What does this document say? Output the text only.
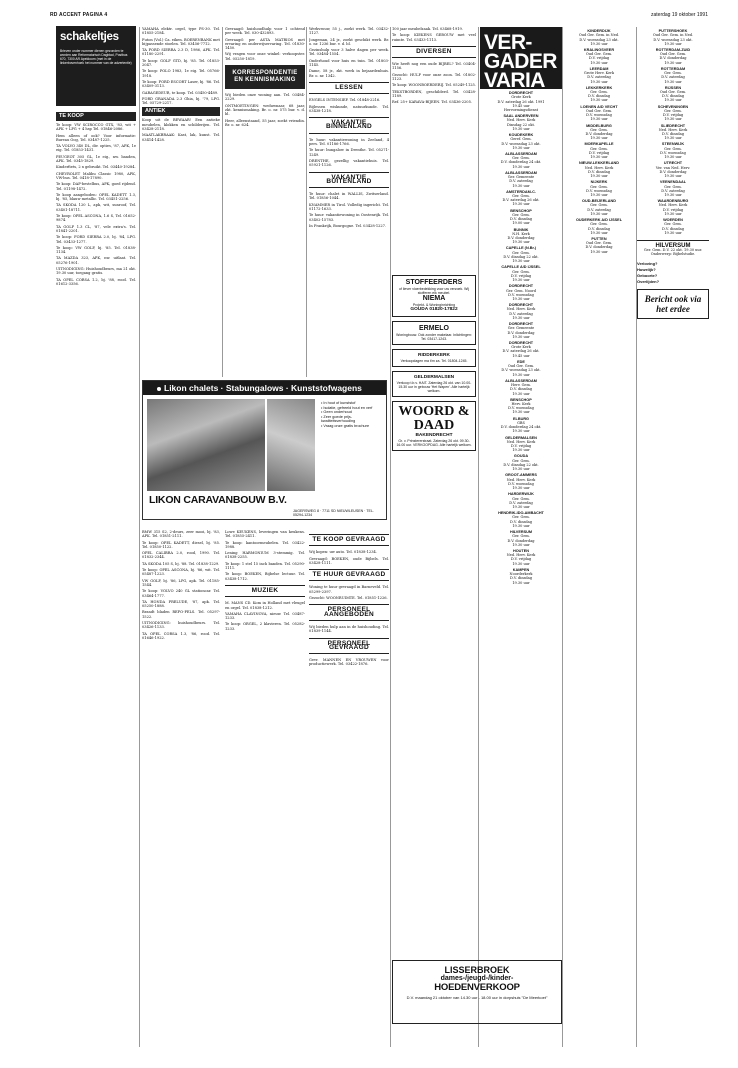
RD ACCENT PAGINA 4	zaterdag 19 oktober 1991
schakeltjes
Brieven onder nummer dienen gezonden te worden aan Reformatorisch Dagblad, Postbus 670, 7300 AR Apeldoorn (met in de linkerbovenhoek het nummer van de advertentie)
TE KOOP

Te koop: VW SCIROCCO GTX, '83, wit + APK + LPG + 4 hsp Tel. 01846-2086.

Hem alleen of ook? Voor informatie: Bureau Oog, Tel. 03487-1225.

TA VOLVO 340 DL, div. opties, '87, APK, 1e eig. Tel. 01853-1431.

PEUGEOT 305 GL, 1e eig., nw. banden, APK. Tel. 0345-1829.

Kinderfiets, 2 x gebruikt. Tel. 03440-19284.

CHEVROLET Malibu Classic 1980, APK, VW-bus. Tel. 0418-17890.

Te koop: DAF-bestelbus, APK, goed rijdend. Tel. 01198-1472.

Te koop aangeboden: OPEL KADETT 1.3, bj. '85, blauw metallic. Tel. 03451-2256.

TA SKODA 120 L, apk, wit, sunroof, Tel. 03401-18711.

Te koop: OPEL ASCONA, 1.6 S, Tel. 01652-9874.

TA GOLF 1.3 CL, '87, vele extra's. Tel. 01841-2201.

Te koop: FORD SIERRA 2.0, bj. '84, LPG. Tel. 03433-1277.

Te koop: VW GOLF, bj. '85. Tel. 01838-1134.

TA MAZDA 323, APK, nw. uitlaat. Tel. 05276-1901.

UITNODIGING: Huishoudbeurs, ma 21 okt. 19.30 uur, toegang gratis.

TA OPEL CORSA 1.2, bj. '88, rood. Tel. 01612-3356.

YAMAHA elektr. orgel, type PS-30. Tel. 01855-2184.

Futon (Vol.) Ca. eiken. BOERENBANK met bijpassende stoelen. Tel. 03456-7712.

TA FORD SIERRA 2.3 D, 1986, APK. Tel. 01180-2291.

Te koop: GOLF GTD, bj. '85. Tel. 01853-2047.

Te koop: POLO 1983, 1e eig. Tel. 05766-1918.

Te koop: FORD ESCORT Laser, bj. '86. Tel. 03409-3113.

GARAGEDEUR, te koop. Tel. 03450-4489.

FORD GRANADA 2.3 Ghia, bj. '79, LPG. Tel. 05729-2217.

ANTIEK

Koop uit de BEWAAR! Een antieke meubelen, klokken en schilderijen. Tel. 03428-2118.

MAATLAKBRAAK: Kast, lak, kunst. Tel. 03414-1428.

Gevraagd: huishoudhulp voor 1 ochtend per week. Tel. 030-432893.

Gevraagd: per ASTA MATRIOS met ervaring en onderwijservaring. Tel. 01830-1450.

Wij vragen voor onze winkel: verkoopster. Tel. 05250-1819.

KORRESPONDENTIE EN KENNISMAKING

Wij bieden onze woning aan. Tel. 03484-2229.

ONTMOETINGEN: weduwnaar, 68 jaar, zkt. kennismaking. Br. o. nr. 575 bur. v. d. bl.

Heer, alleenstaand, 55 jaar, zoekt vriendin. Br. o. nr. 624.

Werkvrouw, 55 j., zoekt werk. Tel. 03432-1127.

Jongeman, 24 jr., zoekt geschikt werk. Br. o. nr. 1236 bur. v. d. bl.

Gezinshulp voor 3 halve dagen per week. Tel. 03484-1554.

Onderhoud voor huis en tuin. Tel. 01803-1145.

Dame, 58 jr., zkt. werk in bejaardenhuis. Br. o. nr. 1342.

LESSEN

ENGELS INTENSIEF. Tel. 01848-2216.

Bijlessen wiskunde, natuurkunde. Tel. 03438-1218.

VAKANTIE BINNENLAND

Te huur: vakantiewoning in Zeeland, 4 pers. Tel. 01186-1766.

Te huur: bungalow in Drenthe. Tel. 05271-1249.

DRENTHE, gezellig vakantiehuis. Tel. 05921-1126.

VAKANTIE BUITENLAND

Te huur: chalet in WALLIS, Zwitserland. Tel. 01856-1044.

KNAMMER in Tirol. Volledig ingericht. Tel. 01172-1633.

Te huur: vakantiewoning in Oostenrijk. Tel. 03402-15783.

In Frankrijk, Bourgogne. Tel. 03428-1227.

100 jaar meubelzaak. Tel. 03468-1919.

Te koop: KIEKENS GEBOUW met veel ruimte. Tel. 03433-1113.

DIVERSEN

Wie heeft nog een oude BIJBEL? Tel. 03404-1156.

Gezocht: HULP voor onze zoon. Tel. 01802-1123.

Te koop: WOONBOERDERIJ. Tel. 05249-1125.

TEKSTBORDEN, geschilderd. Tel. 03428-1189.

Ref. 25+ KARAVA-BIJEEN. Tel. 03436-2205.

STOFFEERDERS
of liever vloerbedekking voor uw verzoek. Wij stofferen elk meubel.
NIEMA
Projekt- & Woninginrichting
GOUDA 01820-17822
ERMELO
Woningbouw. Ook zonder makelaar. Inlichtingen: Tel. 03417-1243.
RIDDERKERK
Verkoopdagen ma t/m za. Tel. 01804-1245.
GELDERMALSEN
Verkoop t.b.v. HAIT. Zaterdag 26 okt. van 10.00-15.30 uur in gebouw 'Het Wapen'. Alle harteljk welkom.
WOORD & DAAD
BAKENDRECHT
Gr. v. Prinstererstraat. Zaterdag 26 okt. 09.30-16.00 uur. VERKOOPDAG. Alle harteljk welkom.
Likon chalets · Stabungalows · Kunststofwagens
• In hout of kunststof
• Isolatie, gefreeld hout en verf
• Geen onderhoud
• Zeer goede prijs-kwaliteitsverhouding
• Vraag onze gratis brochure
LIKON CARAVANBOUW B.V.
JAGERSWEG 8 · 7711 SD NIEUWLEUSEN · TEL. 05294-1234

BMW 315 S2, 2-deurs, zeer mooi, bj. '83, APK. Tel. 01851-2111.

Te koop: OPEL KADETT, diesel, bj. '85. Tel. 01850-1122.

OPEL CALIBRA 2.0, rood, 1990. Tel. 01832-2344.

TA SKODA 105 S, bj. '88. Tel. 01838-1229.

Te koop: OPEL ASCONA, bj. '86, wit. Tel. 05487-1223.

VW GOLF, bj. '86, LPG, apk. Tel. 01185-1544.

Te koop: VOLVO 240 GL stationcar. Tel. 03464-1777.

TA HONDA PRELUDE, '87, apk. Tel. 05250-1888.

Brandt bladen REFO-PELS. Tel. 05297-1522.

UITNODIGING: huishoudbeurs. Tel. 03426-1133.

TA OPEL CORSA 1.3, '86, rood. Tel. 01646-1922.

Lowe KEUKENS, leveringen van keukens. Tel. 01855-2411.

Te koop: kantoormeubelen. Tel. 03422-1988.

Lening HARMONIUM 3-stemmig. Tel. 01838-2255.

Te koop: 1 stel 15 inch banden. Tel. 05290-1111.

Te koop: BOEKEN, Bijbelse lectuur. Tel. 03438-1712.

MUZIEK

M. MANS CD. Kom in Holland met vleugel en orgel. Tel. 01838-1212.

YAMAHA CLAVINOVA, nieuw. Tel. 03487-1233.

Te koop: ORGEL, 2 klavieren. Tel. 05282-1233.

TE KOOP GEVRAAGD

Wij kopen: uw auto. Tel. 01838-1234.

Gevraagd: BOEKEN, oude Bijbels. Tel. 03428-1111.

TE HUUR GEVRAAGD

Woning te huur gevraagd in Barneveld. Tel. 05299-2397.

Gezocht: WOONRUIMTE. Tel. 01851-1226.

PERSONEEL AANGEBODEN

Wij bieden hulp aan in de huishouding. Tel. 01839-1144.

PERSONEEL GEVRAAGD

Gevr. MANNEN EN VROUWEN voor productiewerk. Tel. 03422-1876.

VER-GADER VARIA
DORDRECHT
Grote Kerk
D.V. zaterdag 26 okt. 1991
19.45 uur
Hervormingsdienst
SAAL ANDERVEEN
Ned. Herv. Kerk
Dinsdag 22 okt.
19.30 uur
KOUDEKERK
Geref. Gem.
D.V. woensdag 23 okt.
19.30 uur
ALBLASSERDAM
Ger. Gem.
D.V. donderdag 24 okt.
19.30 uur
ALBLASSERDAM
Ger. Gemeente
D.V. zaterdag
19.30 uur
AMSTERDAM-C.
Ger. Gem.
D.V. zaterdag 26 okt.
19.30 uur
BENSCHOP
Ger. Gem.
D.V. dinsdag
19.00 uur
BUNNIK
N.H. Kerk
D.V. donderdag
19.30 uur
CAPELLE (N.Br.)
Ger. Gem.
D.V. dinsdag 22 okt.
19.30 uur
CAPELLE A/D IJSSEL
Ger. Gem.
D.V. vrijdag
19.30 uur
DORDRECHT
Ger. Gem. Noord
D.V. woensdag
19.30 uur
DORDRECHT
Ned. Herv. Kerk
D.V. zaterdag
19.30 uur
DORDRECHT
Ger. Gemeente
D.V. donderdag
19.30 uur
DORDRECHT
Grote Kerk
D.V. zaterdag 26 okt.
19.45 uur
EDE
Oud Ger. Gem.
D.V. woensdag 23 okt.
19.30 uur
ALBLASSERDAM
Herv. Gem.
D.V. dinsdag
19.30 uur
BENSCHOP
Herv. Kerk
D.V. woensdag
19.30 uur
ELBURG
GBS
D.V. donderdag 24 okt.
19.30 uur
GELDERMALSEN
Ned. Herv. Kerk
D.V. vrijdag
19.30 uur
GOUDA
Ger. Gem.
D.V. dinsdag 22 okt.
19.30 uur
GROOT-AMMERS
Ned. Herv. Kerk
D.V. woensdag
19.30 uur
HARDERWIJK
Ger. Gem.
D.V. zaterdag
19.30 uur
HENDRIK-IDO-AMBACHT
Ger. Gem.
D.V. dinsdag
19.30 uur
HILVERSUM
Ger. Gem.
D.V. donderdag
19.30 uur
HOUTEN
Ned. Herv. Kerk
D.V. vrijdag
19.30 uur
KAMPEN
Noorderkerk
D.V. dinsdag
19.30 uur
KINDERDIJK
Oud Ger. Gem. in Ned.
D.V. woensdag 23 okt.
19.30 uur
KRALINGSVEER
Oud Ger. Gem.
D.V. vrijdag
19.30 uur
LEERDAM
Grote Herv. Kerk
D.V. zaterdag
19.30 uur
LEKKERKERK
Ger. Gem.
D.V. dinsdag
19.30 uur
LOENEN A/D VECHT
Oud Ger. Gem.
D.V. woensdag
19.30 uur
MIDDELBURG
Ger. Gem.
D.V. donderdag
19.30 uur
MOERKAPELLE
Ger. Gem.
D.V. vrijdag
19.30 uur
NIEUW-LEKKERLAND
Ned. Herv. Kerk
D.V. dinsdag
19.30 uur
NIJKERK
Ger. Gem.
D.V. woensdag
19.30 uur
OUD-BEIJERLAND
Ger. Gem.
D.V. zaterdag
19.30 uur
OUDERKERK A/D IJSSEL
Ger. Gem.
D.V. dinsdag
19.30 uur
PUTTEN
Oud Ger. Gem.
D.V. donderdag
19.30 uur
PUTTERSHOEK
Oud Ger. Gem. in Ned.
D.V. woensdag 23 okt.
19.30 uur
ROTTERDAM-ZUID
Oud Ger. Gem.
D.V. donderdag
19.30 uur
ROTTERDAM
Ger. Gem.
D.V. zaterdag
19.30 uur
RIJSSEN
Oud Ger. Gem.
D.V. dinsdag
19.30 uur
SCHEVENINGEN
Ger. Gem.
D.V. vrijdag
19.30 uur
SLIEDRECHT
Ned. Herv. Kerk
D.V. dinsdag
19.30 uur
STEENWIJK
Ger. Gem.
D.V. woensdag
19.30 uur
UTRECHT
Ver. van Ned. Herv.
D.V. donderdag
19.30 uur
VEENENDAAL
Ger. Gem.
D.V. zaterdag
19.30 uur
WAARDENBURG
Ned. Herv. Kerk
D.V. vrijdag
19.30 uur
WOERDEN
Ger. Gem.
D.V. dinsdag
19.30 uur
HILVERSUM
Ger. Gem. D.V. 22 okt. 19.30 uur. Onderwerp: Bijbelstudie.
Verloving?
Huwelijk?
Geboorte?
Overlijden?
Bericht ook via het erdee
LISSERBROEK
dames-/jeugd-/kinder-
HOEDENVERKOOP
D.V. maandag 21 oktober van 14.30 uur - 18.00 uur in dorpshuis "De Meerkoet"
